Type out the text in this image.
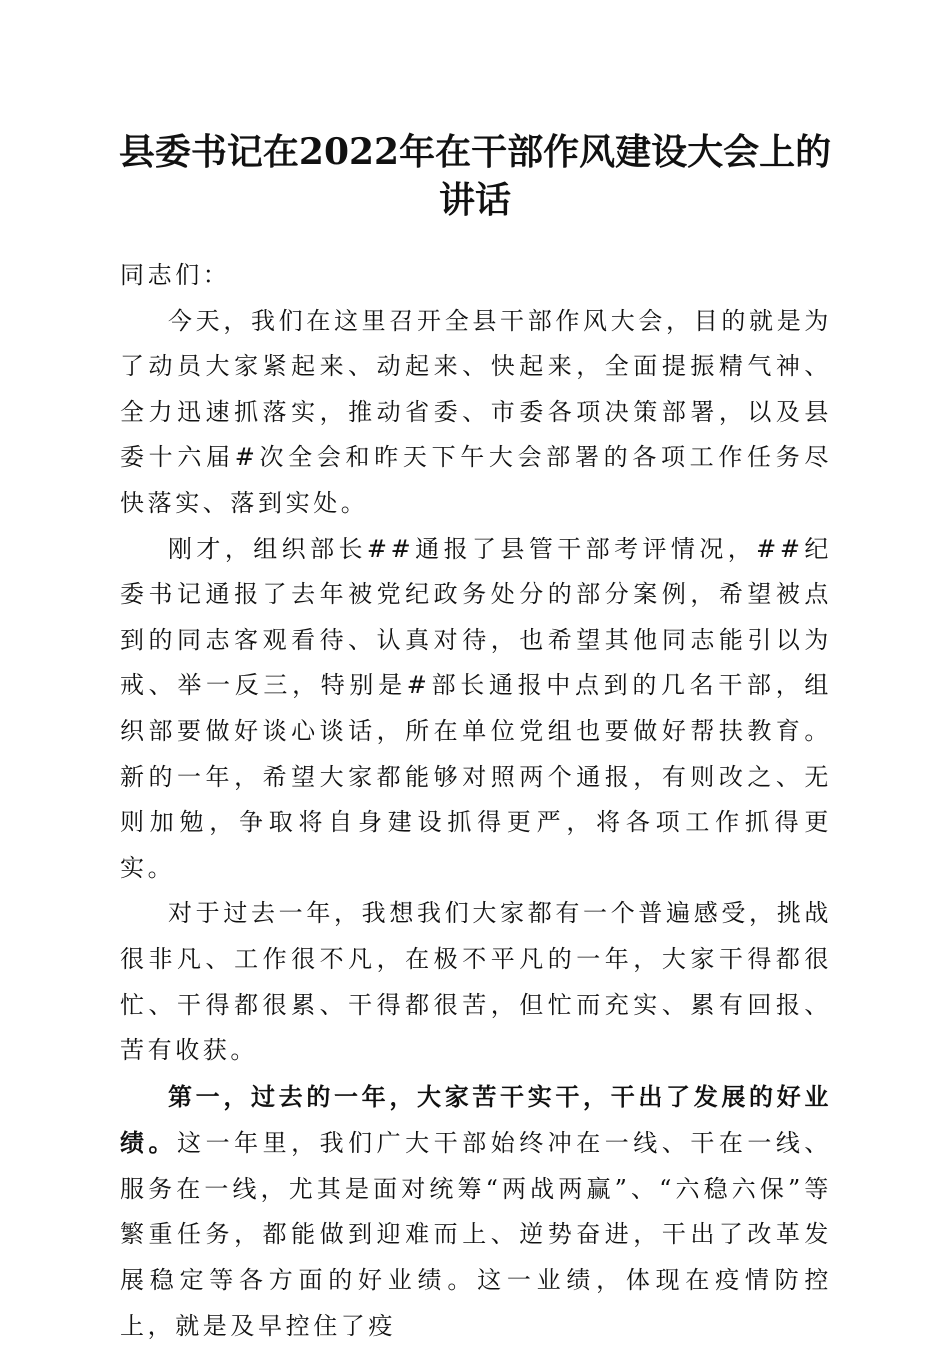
县委书记在2022年在干部作风建设大会上的
讲话

同志们：

今天，我们在这里召开全县干部作风大会，目的就是为了动员大家紧起来、动起来、快起来，全面提振精气神、全力迅速抓落实，推动省委、市委各项决策部署，以及县委十六届#次全会和昨天下午大会部署的各项工作任务尽快落实、落到实处。

刚才，组织部长##通报了县管干部考评情况，##纪委书记通报了去年被党纪政务处分的部分案例，希望被点到的同志客观看待、认真对待，也希望其他同志能引以为戒、举一反三，特别是#部长通报中点到的几名干部，组织部要做好谈心谈话，所在单位党组也要做好帮扶教育。新的一年，希望大家都能够对照两个通报，有则改之、无则加勉，争取将自身建设抓得更严，将各项工作抓得更实。

对于过去一年，我想我们大家都有一个普遍感受，挑战很非凡、工作很不凡，在极不平凡的一年，大家干得都很忙、干得都很累、干得都很苦，但忙而充实、累有回报、苦有收获。

第一，过去的一年，大家苦干实干，干出了发展的好业绩。这一年里，我们广大干部始终冲在一线、干在一线、服务在一线，尤其是面对统筹“两战两赢”、“六稳六保”等繁重任务，都能做到迎难而上、逆势奋进，干出了改革发展稳定等各方面的好业绩。这一业绩，体现在疫情防控上，就是及早控住了疫
